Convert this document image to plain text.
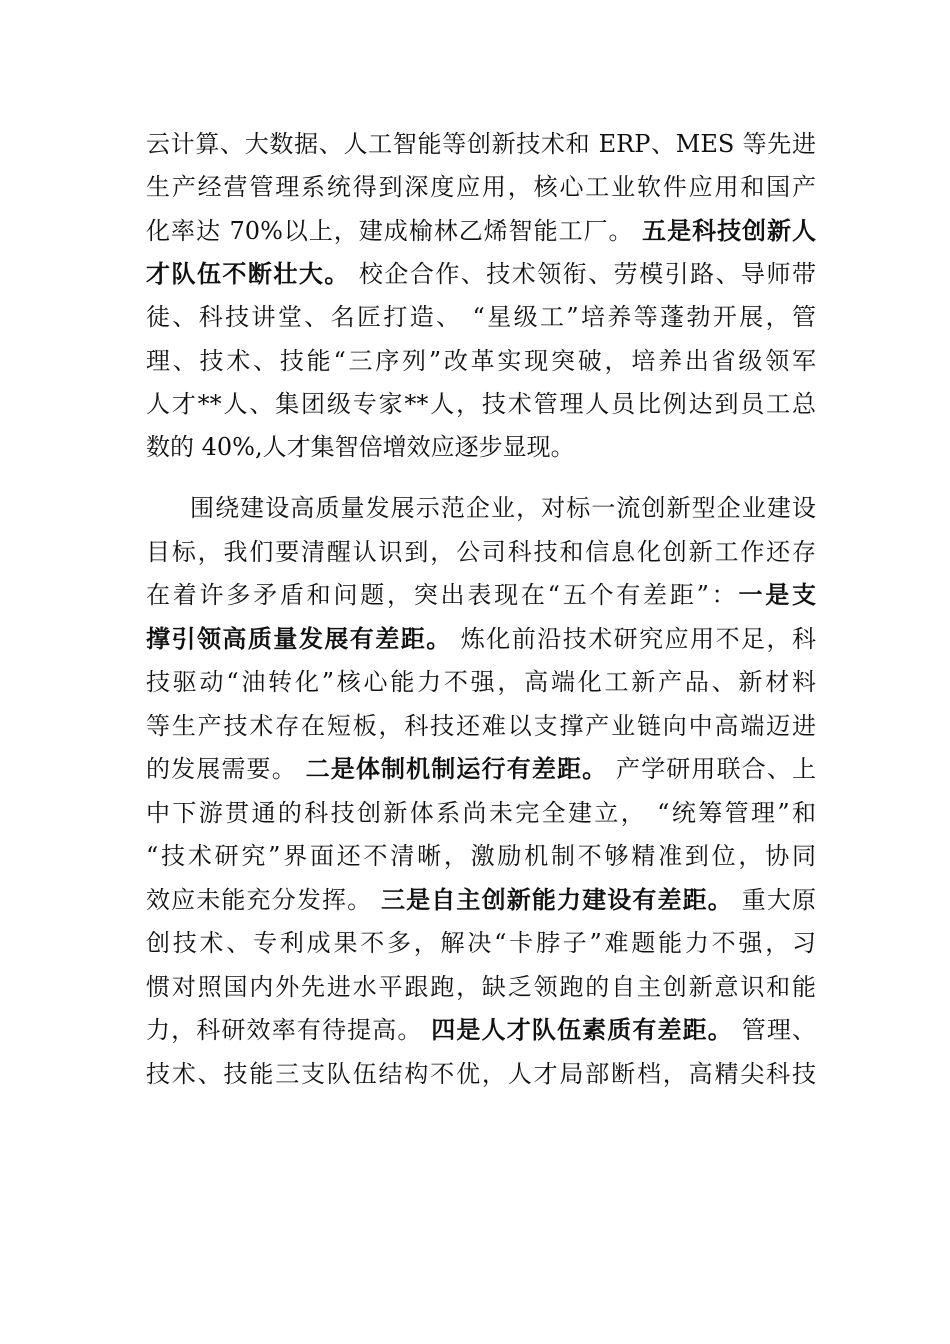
云计算、大数据、人工智能等创新技术和 ERP、MES 等先进
生产经营管理系统得到深度应用，核心工业软件应用和国产
化率达 70%以上，建成榆林乙烯智能工厂。 五是科技创新人
才队伍不断壮大。 校企合作、技术领衔、劳模引路、导师带
徒、科技讲堂、名匠打造、 “星级工”培养等蓬勃开展，管
理、技术、技能“三序列”改革实现突破，培养出省级领军
人才**人、集团级专家**人，技术管理人员比例达到员工总
数的 40%,人才集智倍增效应逐步显现。
围绕建设高质量发展示范企业，对标一流创新型企业建设
目标，我们要清醒认识到，公司科技和信息化创新工作还存
在着许多矛盾和问题，突出表现在“五个有差距”：一是支
撑引领高质量发展有差距。 炼化前沿技术研究应用不足，科
技驱动“油转化”核心能力不强，高端化工新产品、新材料
等生产技术存在短板，科技还难以支撑产业链向中高端迈进
的发展需要。 二是体制机制运行有差距。 产学研用联合、上
中下游贯通的科技创新体系尚未完全建立， “统筹管理”和
“技术研究”界面还不清晰，激励机制不够精准到位，协同
效应未能充分发挥。 三是自主创新能力建设有差距。 重大原
创技术、专利成果不多，解决“卡脖子”难题能力不强，习
惯对照国内外先进水平跟跑，缺乏领跑的自主创新意识和能
力，科研效率有待提高。 四是人才队伍素质有差距。 管理、
技术、技能三支队伍结构不优，人才局部断档，高精尖科技
